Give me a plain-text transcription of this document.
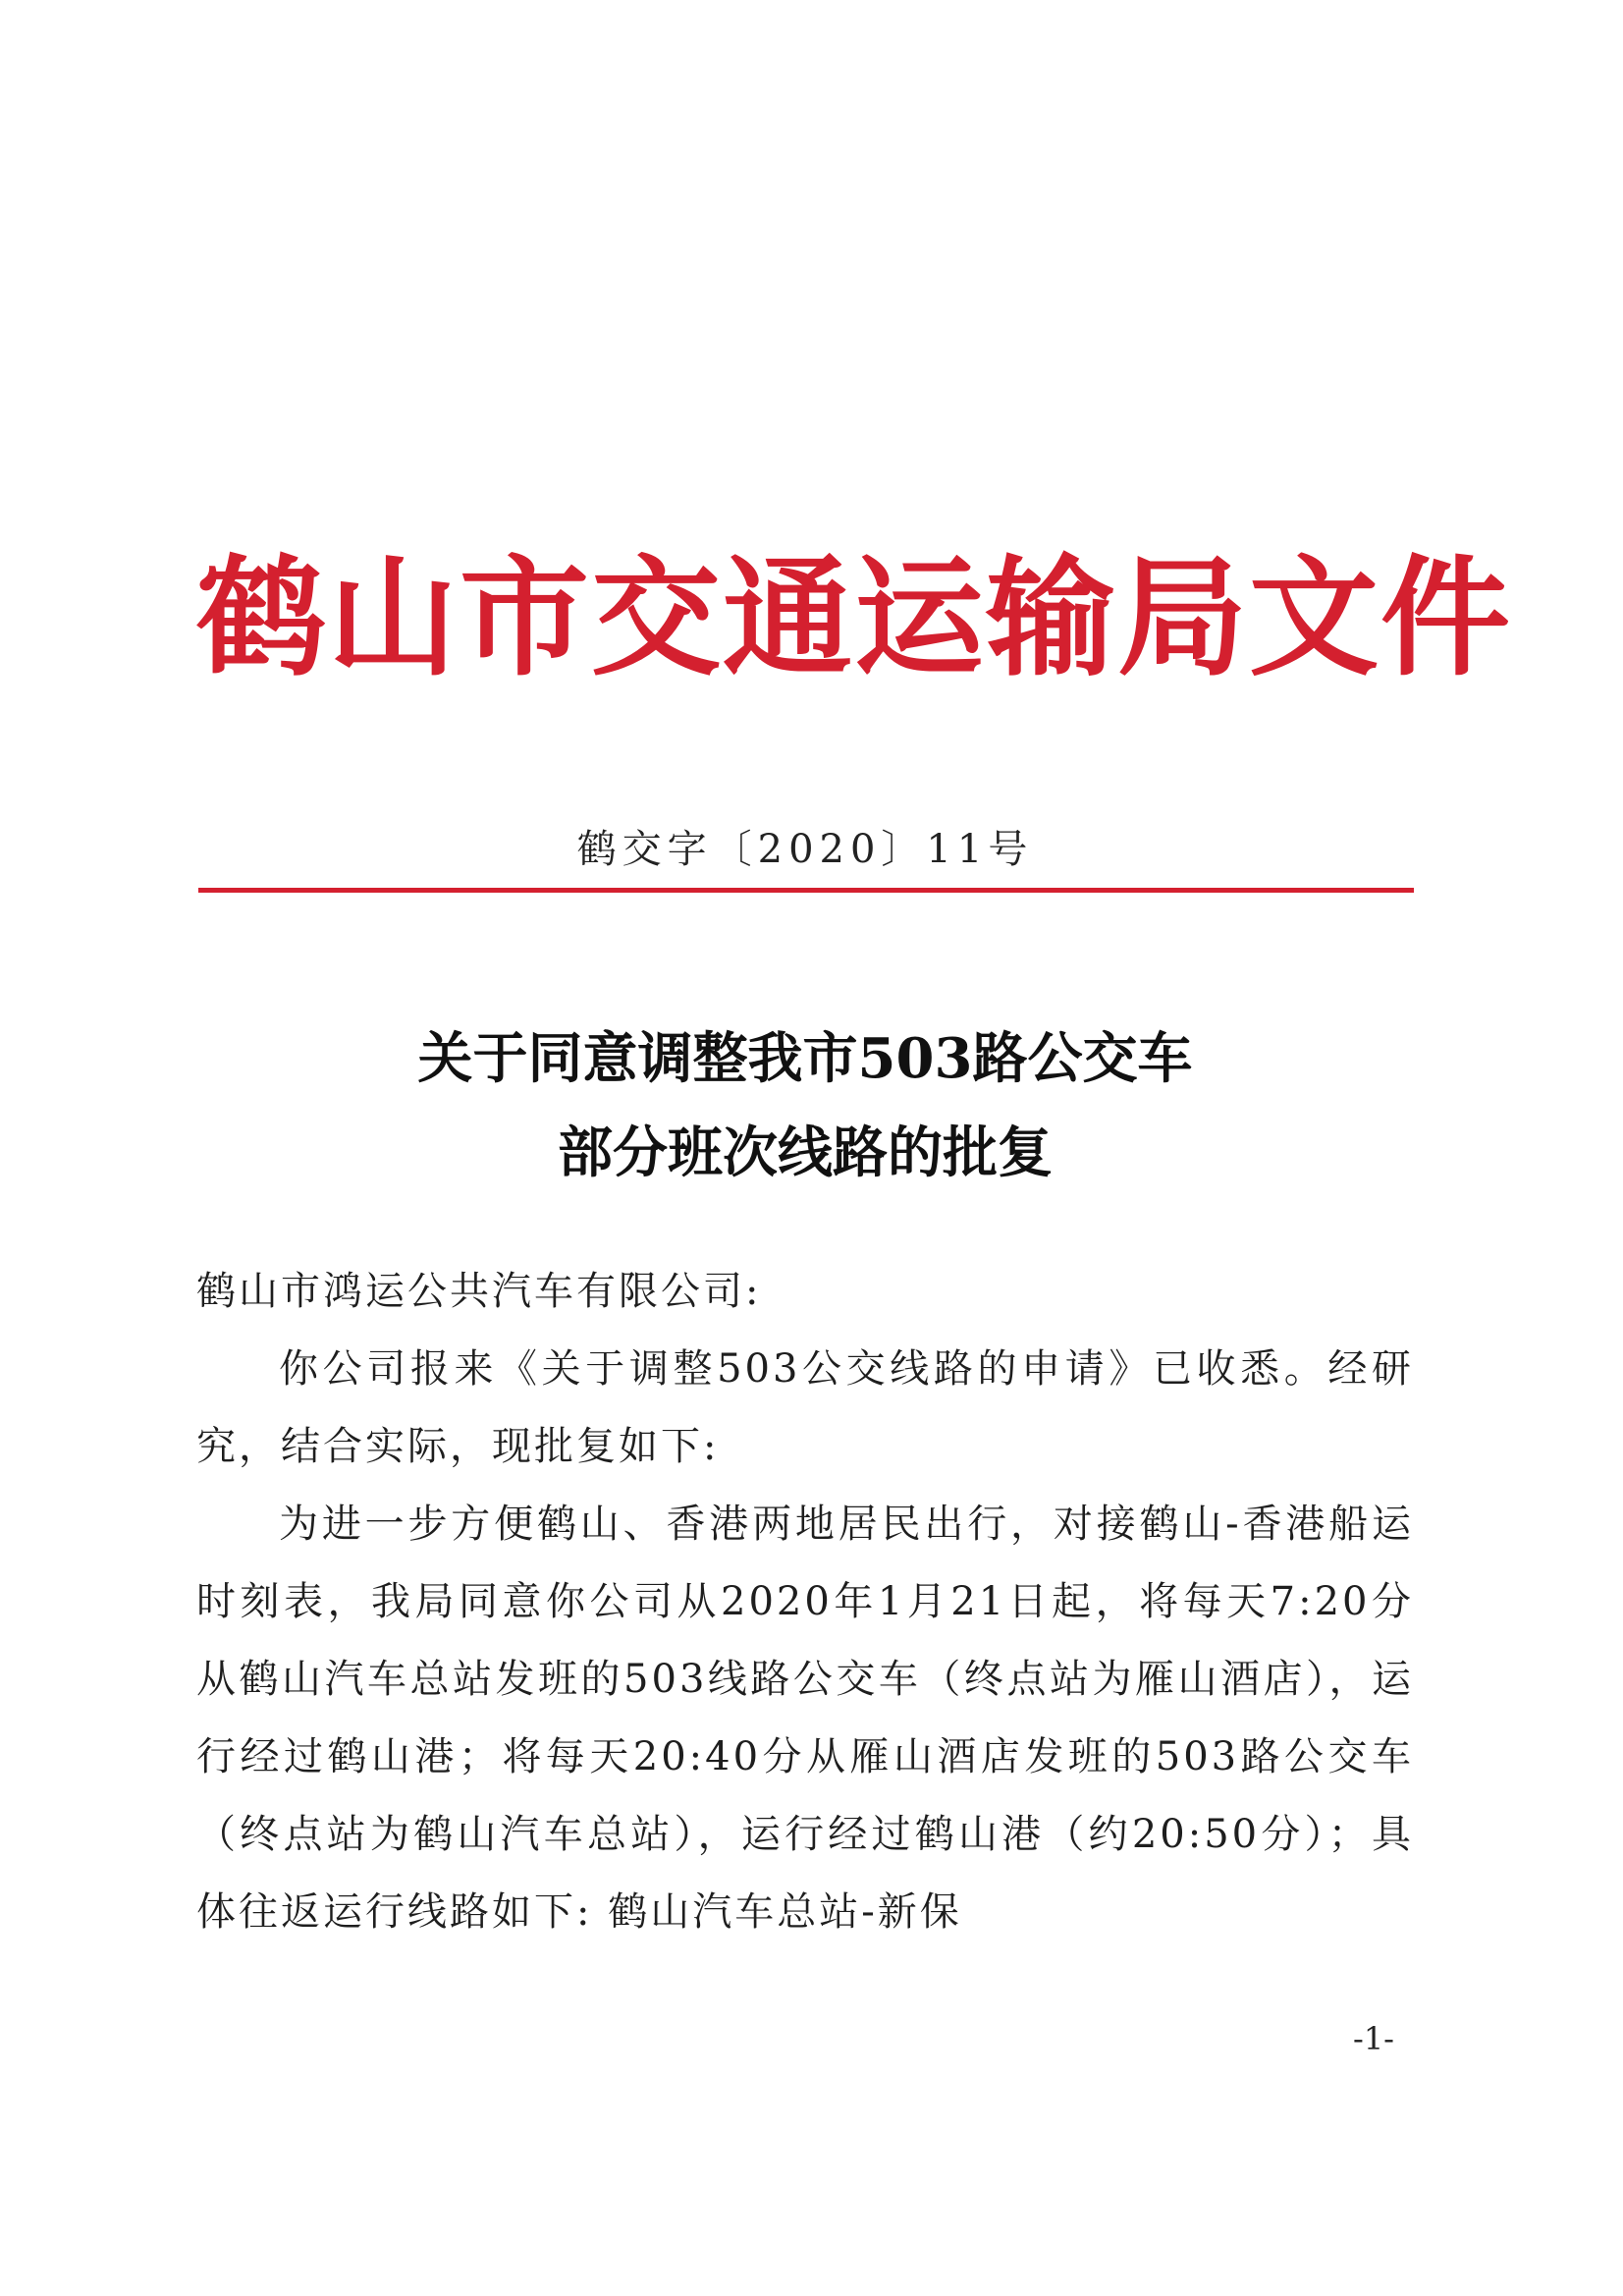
鹤山市交通运输局文件
鹤交字〔2020〕11号
关于同意调整我市503路公交车
部分班次线路的批复

鹤山市鸿运公共汽车有限公司:

你公司报来《关于调整503公交线路的申请》已收悉。经研究，结合实际，现批复如下:

为进一步方便鹤山、香港两地居民出行，对接鹤山-香港船运时刻表，我局同意你公司从2020年1月21日起，将每天7:20分从鹤山汽车总站发班的503线路公交车（终点站为雁山酒店），运行经过鹤山港；将每天20:40分从雁山酒店发班的503路公交车（终点站为鹤山汽车总站），运行经过鹤山港（约20:50分）；具体往返运行线路如下: 鹤山汽车总站-新保

-1-
